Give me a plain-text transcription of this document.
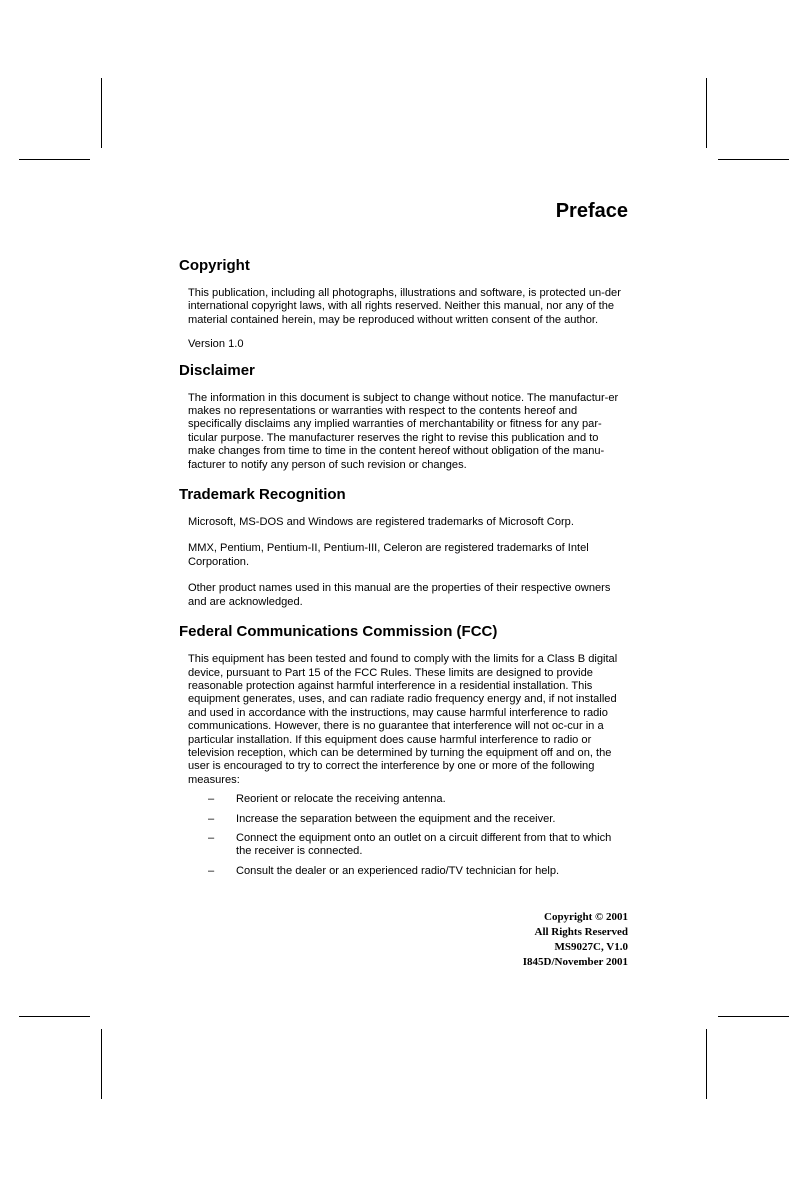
Preface
Copyright

This publication, including all photographs, illustrations and software, is protected un-der international copyright laws, with all rights reserved. Neither this manual, nor any of the material contained herein, may be reproduced without written consent of the author.

Version 1.0

Disclaimer

The information in this document is subject to change without notice. The manufactur-er makes no representations or warranties with respect to the contents hereof and specifically disclaims any implied warranties of merchantability or fitness for any par-ticular purpose. The manufacturer reserves the right to revise this publication and to make changes from time to time in the content hereof without obligation of the manu-facturer to notify any person of such revision or changes.

Trademark Recognition

Microsoft, MS-DOS and Windows are registered trademarks of Microsoft Corp.

MMX, Pentium, Pentium-II, Pentium-III, Celeron are registered trademarks of Intel Corporation.

Other product names used in this manual are the properties of their respective owners and are acknowledged.

Federal Communications Commission (FCC)

This equipment has been tested and found to comply with the limits for a Class B digital device, pursuant to Part 15 of the FCC Rules. These limits are designed to provide reasonable protection against harmful interference in a residential installation. This equipment generates, uses, and can radiate radio frequency energy and, if not installed and used in accordance with the instructions, may cause harmful interference to radio communications. However, there is no guarantee that interference will not oc-cur in a particular installation. If this equipment does cause harmful interference to radio or television reception, which can be determined by turning the equipment off and on, the user is encouraged to try to correct the interference by one or more of the following measures:

– Reorient or relocate the receiving antenna.
– Increase the separation between the equipment and the receiver.
– Connect the equipment onto an outlet on a circuit different from that to which the receiver is connected.
– Consult the dealer or an experienced radio/TV technician for help.
Copyright © 2001
All Rights Reserved
MS9027C, V1.0
I845D/November 2001
